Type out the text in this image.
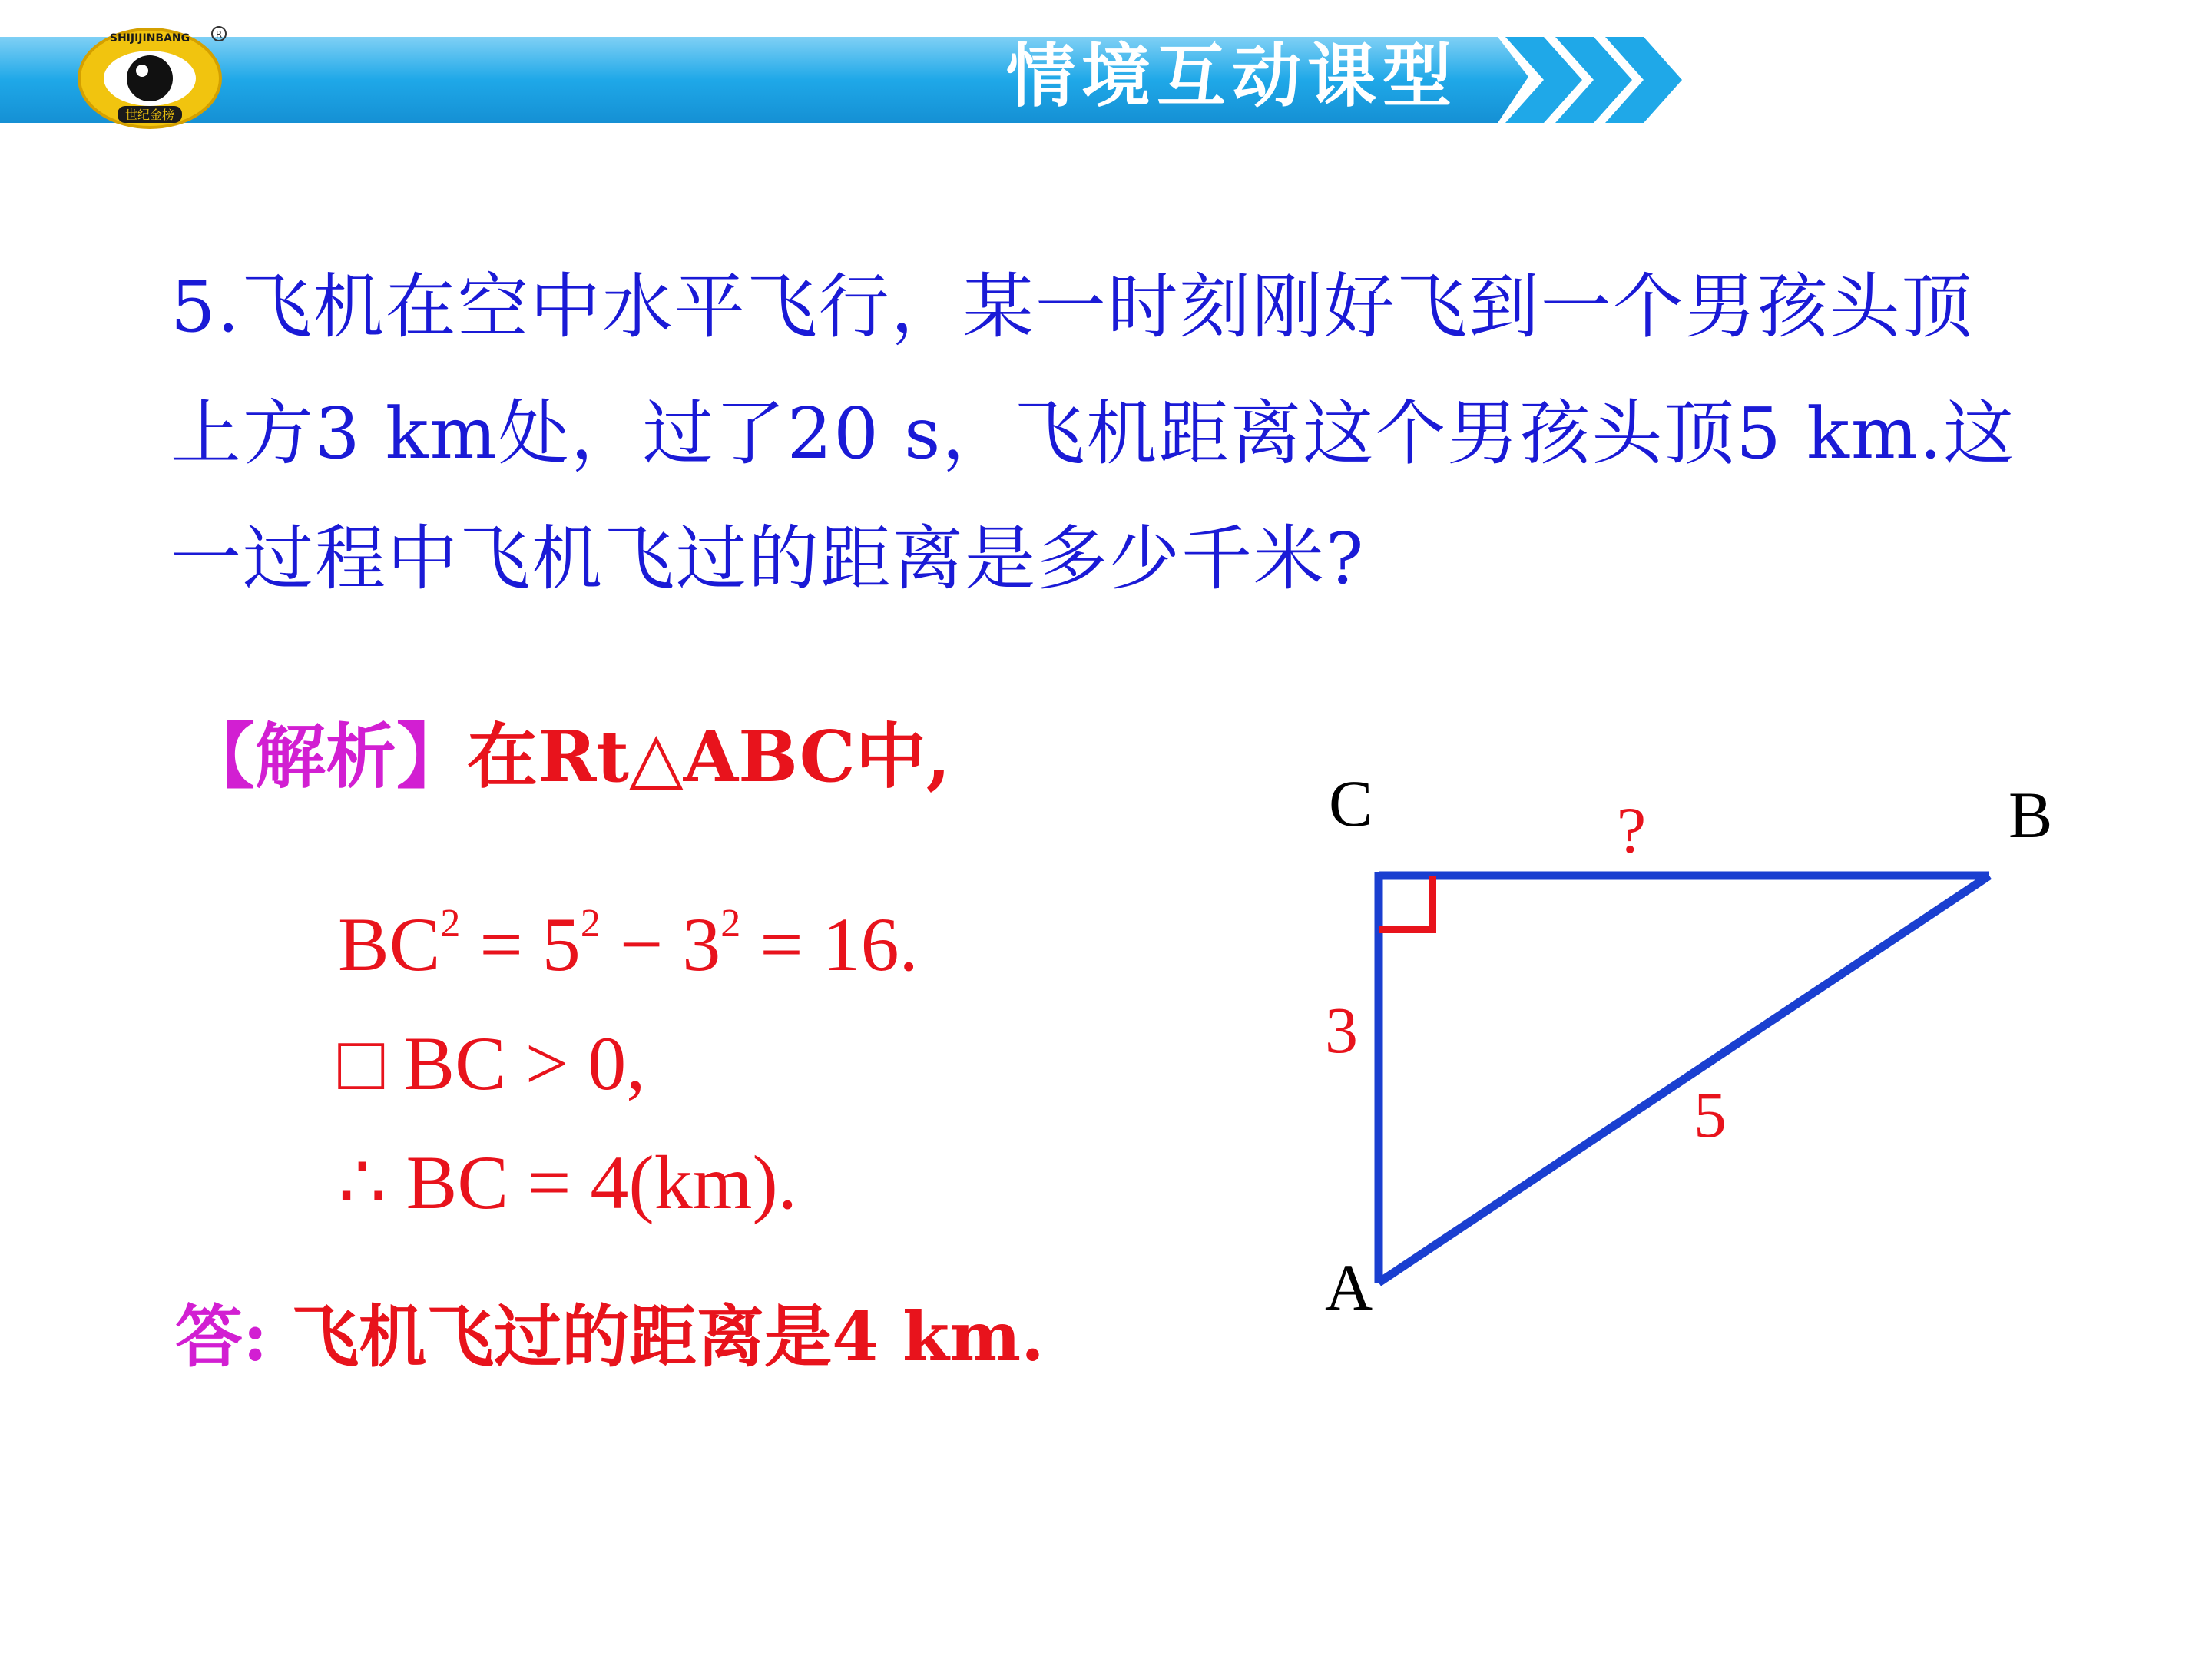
世纪金榜
SHIJIJINBANG	R
情境互动课型
5.飞机在空中水平飞行，某一时刻刚好飞到一个男孩头顶
上方3 km处，过了20 s，飞机距离这个男孩头顶5 km.这
一过程中飞机飞过的距离是多少千米?
【解析】在Rt△ABC中,
$BC^2 = 5^2 - 3^2 = 16$.
□ BC > 0,
∴ BC = 4(km).
答: 飞机飞过的距离是4 km.
C	B
A
?
3
5
